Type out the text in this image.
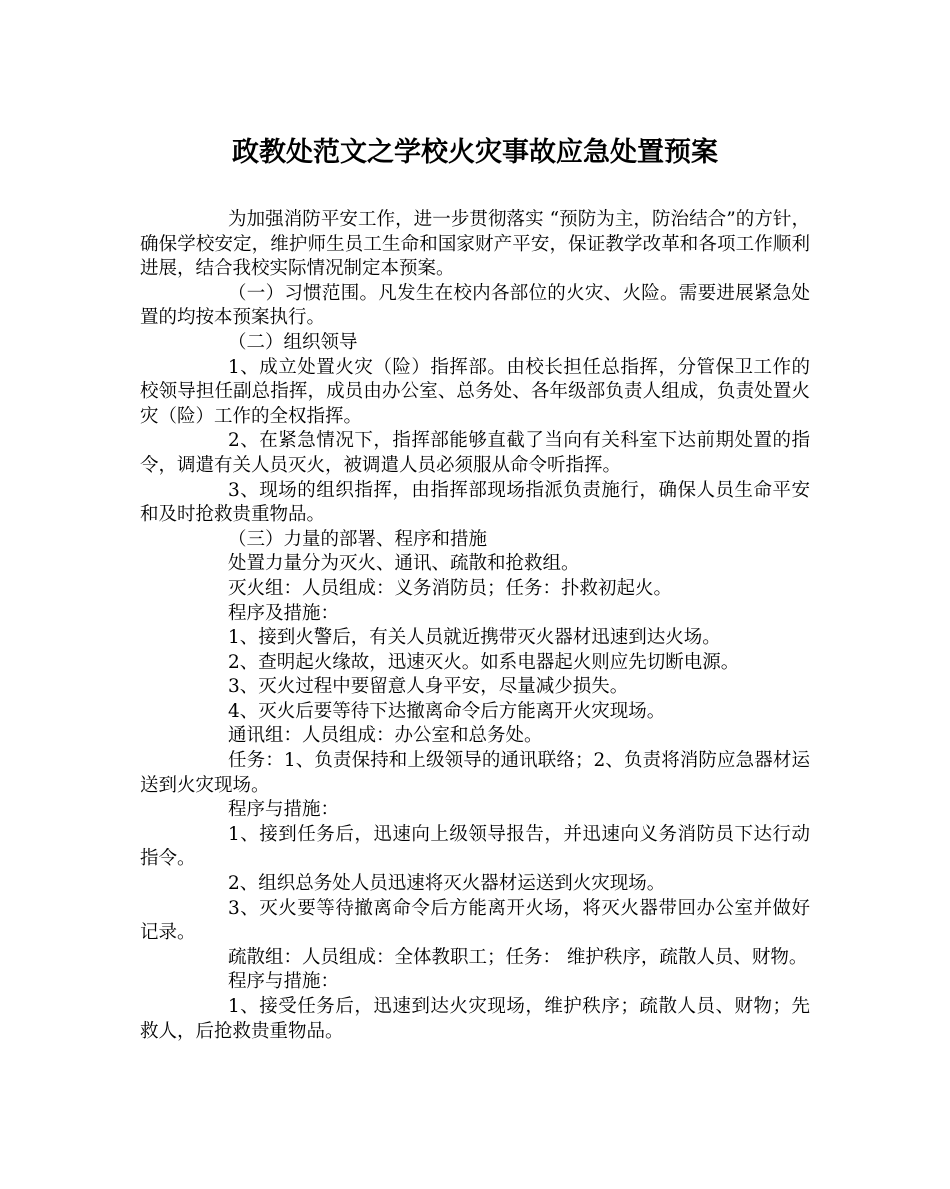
政教处范文之学校火灾事故应急处置预案

为加强消防平安工作，进一步贯彻落实 “预防为主，防治结合”的方针，确保学校安定，维护师生员工生命和国家财产平安，保证教学改革和各项工作顺利进展，结合我校实际情况制定本预案。

（一）习惯范围。凡发生在校内各部位的火灾、火险。需要进展紧急处置的均按本预案执行。

（二）组织领导

1、成立处置火灾（险）指挥部。由校长担任总指挥，分管保卫工作的校领导担任副总指挥，成员由办公室、总务处、各年级部负责人组成，负责处置火灾（险）工作的全权指挥。

2、在紧急情况下，指挥部能够直截了当向有关科室下达前期处置的指令，调遣有关人员灭火，被调遣人员必须服从命令听指挥。

3、现场的组织指挥，由指挥部现场指派负责施行，确保人员生命平安和及时抢救贵重物品。

（三）力量的部署、程序和措施

处置力量分为灭火、通讯、疏散和抢救组。

灭火组：人员组成：义务消防员；任务：扑救初起火。

程序及措施：

1、接到火警后，有关人员就近携带灭火器材迅速到达火场。

2、查明起火缘故，迅速灭火。如系电器起火则应先切断电源。

3、灭火过程中要留意人身平安，尽量减少损失。

4、灭火后要等待下达撤离命令后方能离开火灾现场。

通讯组：人员组成：办公室和总务处。

任务：1、负责保持和上级领导的通讯联络；2、负责将消防应急器材运送到火灾现场。

程序与措施：

1、接到任务后，迅速向上级领导报告，并迅速向义务消防员下达行动指令。

2、组织总务处人员迅速将灭火器材运送到火灾现场。

3、灭火要等待撤离命令后方能离开火场，将灭火器带回办公室并做好记录。

疏散组：人员组成：全体教职工；任务： 维护秩序，疏散人员、财物。

程序与措施：

1、接受任务后，迅速到达火灾现场，维护秩序；疏散人员、财物；先救人，后抢救贵重物品。
